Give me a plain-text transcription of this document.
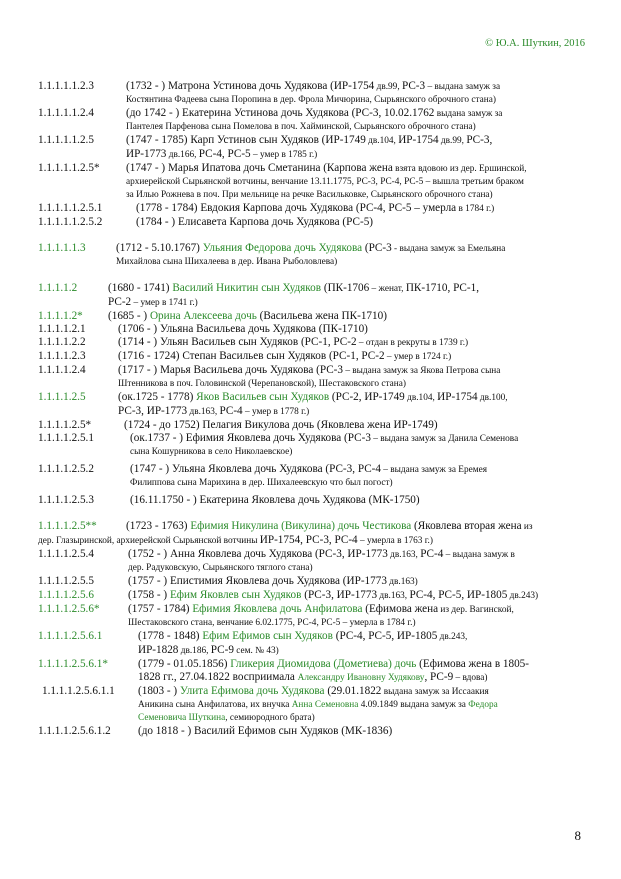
© Ю.А. Шуткин, 2016
1.1.1.1.1.2.3	(1732 - ) Матрона Устинова дочь Худякова (ИР-1754 дв.99, РС-3 – выдана замуж за
Костянтина Фадеева сына Поропина в дер. Фрола Мичюрина, Сырьянского оброчного стана)
1.1.1.1.1.2.4	(до 1742 - ) Екатерина Устинова дочь Худякова (РС-3, 10.02.1762 выдана замуж за
Пантелея Парфенова сына Помелова в поч. Хайминской, Сырьянского оброчного стана)
1.1.1.1.1.2.5	(1747 - 1785) Карп Устинов сын Худяков (ИР-1749 дв.104, ИР-1754 дв.99, РС-3,
ИР-1773 дв.166, РС-4, РС-5 – умер в 1785 г.)
1.1.1.1.1.2.5*	(1747 - ) Марья Ипатова дочь Сметанина (Карпова жена взята вдовою из дер. Ершинской,
архиерейской Сырьянской вотчины, венчание 13.11.1775, РС-3, РС-4, РС-5 – вышла третьим браком
за Илью Рожнева в поч. При мельнице на речке Васильковке, Сырьянского оброчного стана)
1.1.1.1.1.2.5.1	(1778 - 1784) Евдокия Карпова дочь Худякова (РС-4, РС-5 – умерла в 1784 г.)
1.1.1.1.1.2.5.2	(1784 - ) Елисавета Карпова дочь Худякова (РС-5)
1.1.1.1.1.3	(1712 - 5.10.1767) Ульяния Федорова дочь Худякова (РС-3 - выдана замуж за Емельяна
Михайлова сына Шихалеева в дер. Ивана Рыболовлева)
1.1.1.1.2	(1680 - 1741) Василий Никитин сын Худяков (ПК-1706 – женат, ПК-1710, РС-1,
РС-2 – умер в 1741 г.)
1.1.1.1.2*	(1685 - ) Орина Алексеева дочь (Васильева жена ПК-1710)
1.1.1.1.2.1	(1706 - ) Ульяна Васильева дочь Худякова (ПК-1710)
1.1.1.1.2.2	(1714 - ) Ульян Васильев сын Худяков (РС-1, РС-2 – отдан в рекруты в 1739 г.)
1.1.1.1.2.3	(1716 - 1724) Степан Васильев сын Худяков (РС-1, РС-2 – умер в 1724 г.)
1.1.1.1.2.4	(1717 - ) Марья Васильева дочь Худякова (РС-3 – выдана замуж за Якова Петрова сына
Штенникова в поч. Головинской (Черепановской), Шестаковского стана)
1.1.1.1.2.5	(ок.1725 - 1778) Яков Васильев сын Худяков (РС-2, ИР-1749 дв.104, ИР-1754 дв.100,
РС-3, ИР-1773 дв.163, РС-4 – умер в 1778 г.)
1.1.1.1.2.5*	(1724 - до 1752) Пелагия Викулова дочь (Яковлева жена ИР-1749)
1.1.1.1.2.5.1	(ок.1737 - ) Ефимия Яковлева дочь Худякова (РС-3 – выдана замуж за Данила Семенова
сына Кошурникова в село Николаевское)
1.1.1.1.2.5.2	(1747 - ) Ульяна Яковлева дочь Худякова (РС-3, РС-4 – выдана замуж за Еремея
Филиппова сына Марихина в дер. Шихалеевскую что был погост)
1.1.1.1.2.5.3	(16.11.1750 - ) Екатерина Яковлева дочь Худякова (МК-1750)
1.1.1.1.2.5**	(1723 - 1763) Ефимия Никулина (Викулина) дочь Честикова (Яковлева вторая жена из
дер. Глазыринской, архиерейской Сырьянской вотчины ИР-1754, РС-3, РС-4 – умерла в 1763 г.)
1.1.1.1.2.5.4	(1752 - ) Анна Яковлева дочь Худякова (РС-3, ИР-1773 дв.163, РС-4 – выдана замуж в
дер. Радуковскую, Сырьянского тяглого стана)
1.1.1.1.2.5.5	(1757 - ) Епистимия Яковлева дочь Худякова (ИР-1773 дв.163)
1.1.1.1.2.5.6	(1758 - ) Ефим Яковлев сын Худяков (РС-3, ИР-1773 дв.163, РС-4, РС-5, ИР-1805 дв.243)
1.1.1.1.2.5.6*	(1757 - 1784) Ефимия Яковлева дочь Анфилатова (Ефимова жена из дер. Вагинской,
Шестаковского стана, венчание 6.02.1775, РС-4, РС-5 – умерла в 1784 г.)
1.1.1.1.2.5.6.1	(1778 - 1848) Ефим Ефимов сын Худяков (РС-4, РС-5, ИР-1805 дв.243,
ИР-1828 дв.186, РС-9 сем. № 43)
1.1.1.1.2.5.6.1*	(1779 - 01.05.1856) Гликерия Диомидова (Дометиева) дочь (Ефимова жена в 1805-
1828 гг., 27.04.1822 восприимала Александру Ивановну Худякову, РС-9 – вдова)
1.1.1.1.2.5.6.1.1	(1803 - ) Улита Ефимова дочь Худякова (29.01.1822 выдана замуж за Иссаакия
Аникина сына Анфилатова, их внучка Анна Семеновна 4.09.1849 выдана замуж за Федора
Семеновича Шуткина, семиюродного брата)
1.1.1.1.2.5.6.1.2	(до 1818 - ) Василий Ефимов сын Худяков (МК-1836)
8
